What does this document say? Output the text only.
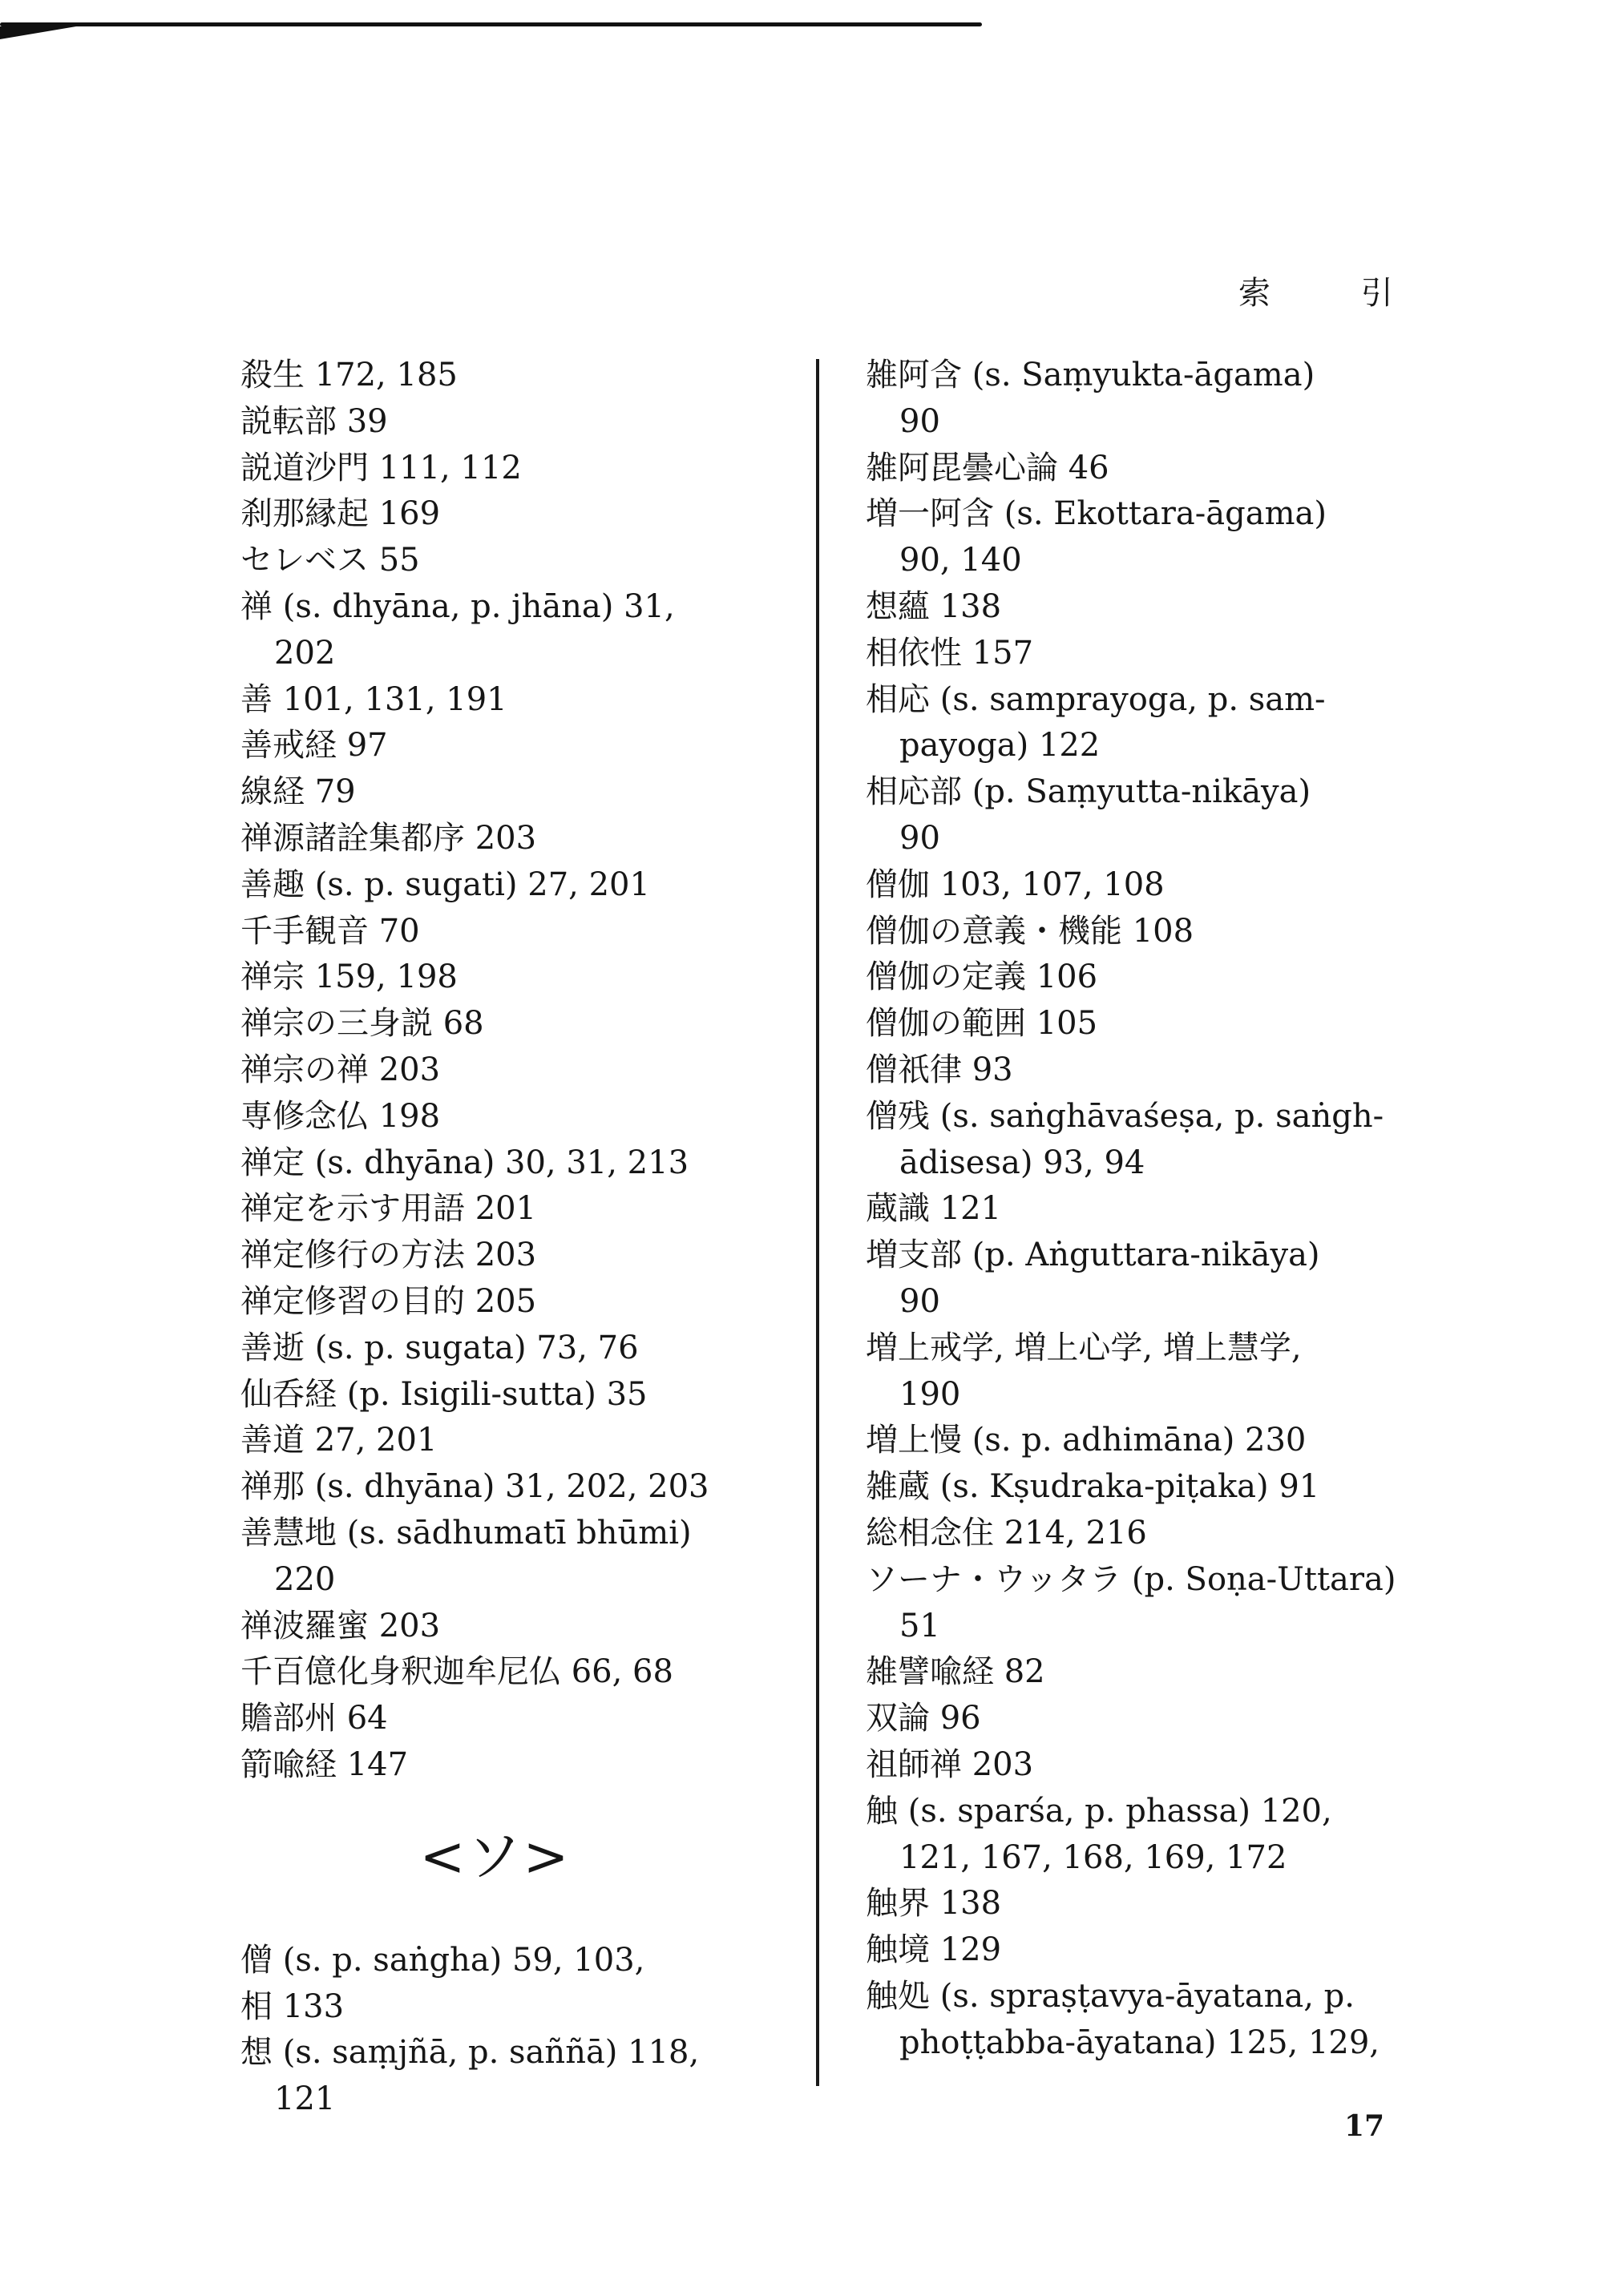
索 引

殺生 172, 185

説転部 39

説道沙門 111, 112

刹那縁起 169

セレベス 55

禅 (s. dhyāna, p. jhāna) 31,

202

善 101, 131, 191

善戒経 97

線経 79

禅源諸詮集都序 203

善趣 (s. p. sugati) 27, 201

千手観音 70

禅宗 159, 198

禅宗の三身説 68

禅宗の禅 203

専修念仏 198

禅定 (s. dhyāna) 30, 31, 213

禅定を示す用語 201

禅定修行の方法 203

禅定修習の目的 205

善逝 (s. p. sugata) 73, 76

仙呑経 (p. Isigili-sutta) 35

善道 27, 201

禅那 (s. dhyāna) 31, 202, 203

善慧地 (s. sādhumatī bhūmi)

220

禅波羅蜜 203

千百億化身釈迦牟尼仏 66, 68

贍部州 64

箭喩経 147

<ソ>

僧 (s. p. saṅgha) 59, 103,

相 133

想 (s. saṃjñā, p. saññā) 118,

121

雑阿含 (s. Saṃyukta-āgama)

90

雑阿毘曇心論 46

増一阿含 (s. Ekottara-āgama)

90, 140

想蘊 138

相依性 157

相応 (s. samprayoga, p. sam-

payoga) 122

相応部 (p. Saṃyutta-nikāya)

90

僧伽 103, 107, 108

僧伽の意義・機能 108

僧伽の定義 106

僧伽の範囲 105

僧祇律 93

僧残 (s. saṅghāvaśeṣa, p. saṅgh-

ādisesa) 93, 94

蔵識 121

増支部 (p. Aṅguttara-nikāya)

90

増上戒学, 増上心学, 増上慧学,

190

増上慢 (s. p. adhimāna) 230

雑蔵 (s. Kṣudraka-piṭaka) 91

総相念住 214, 216

ソーナ・ウッタラ (p. Soṇa-Uttara)

51

雑譬喩経 82

双論 96

祖師禅 203

触 (s. sparśa, p. phassa) 120,

121, 167, 168, 169, 172

触界 138

触境 129

触処 (s. spraṣṭavya-āyatana, p.

phoṭṭabba-āyatana) 125, 129,

17
